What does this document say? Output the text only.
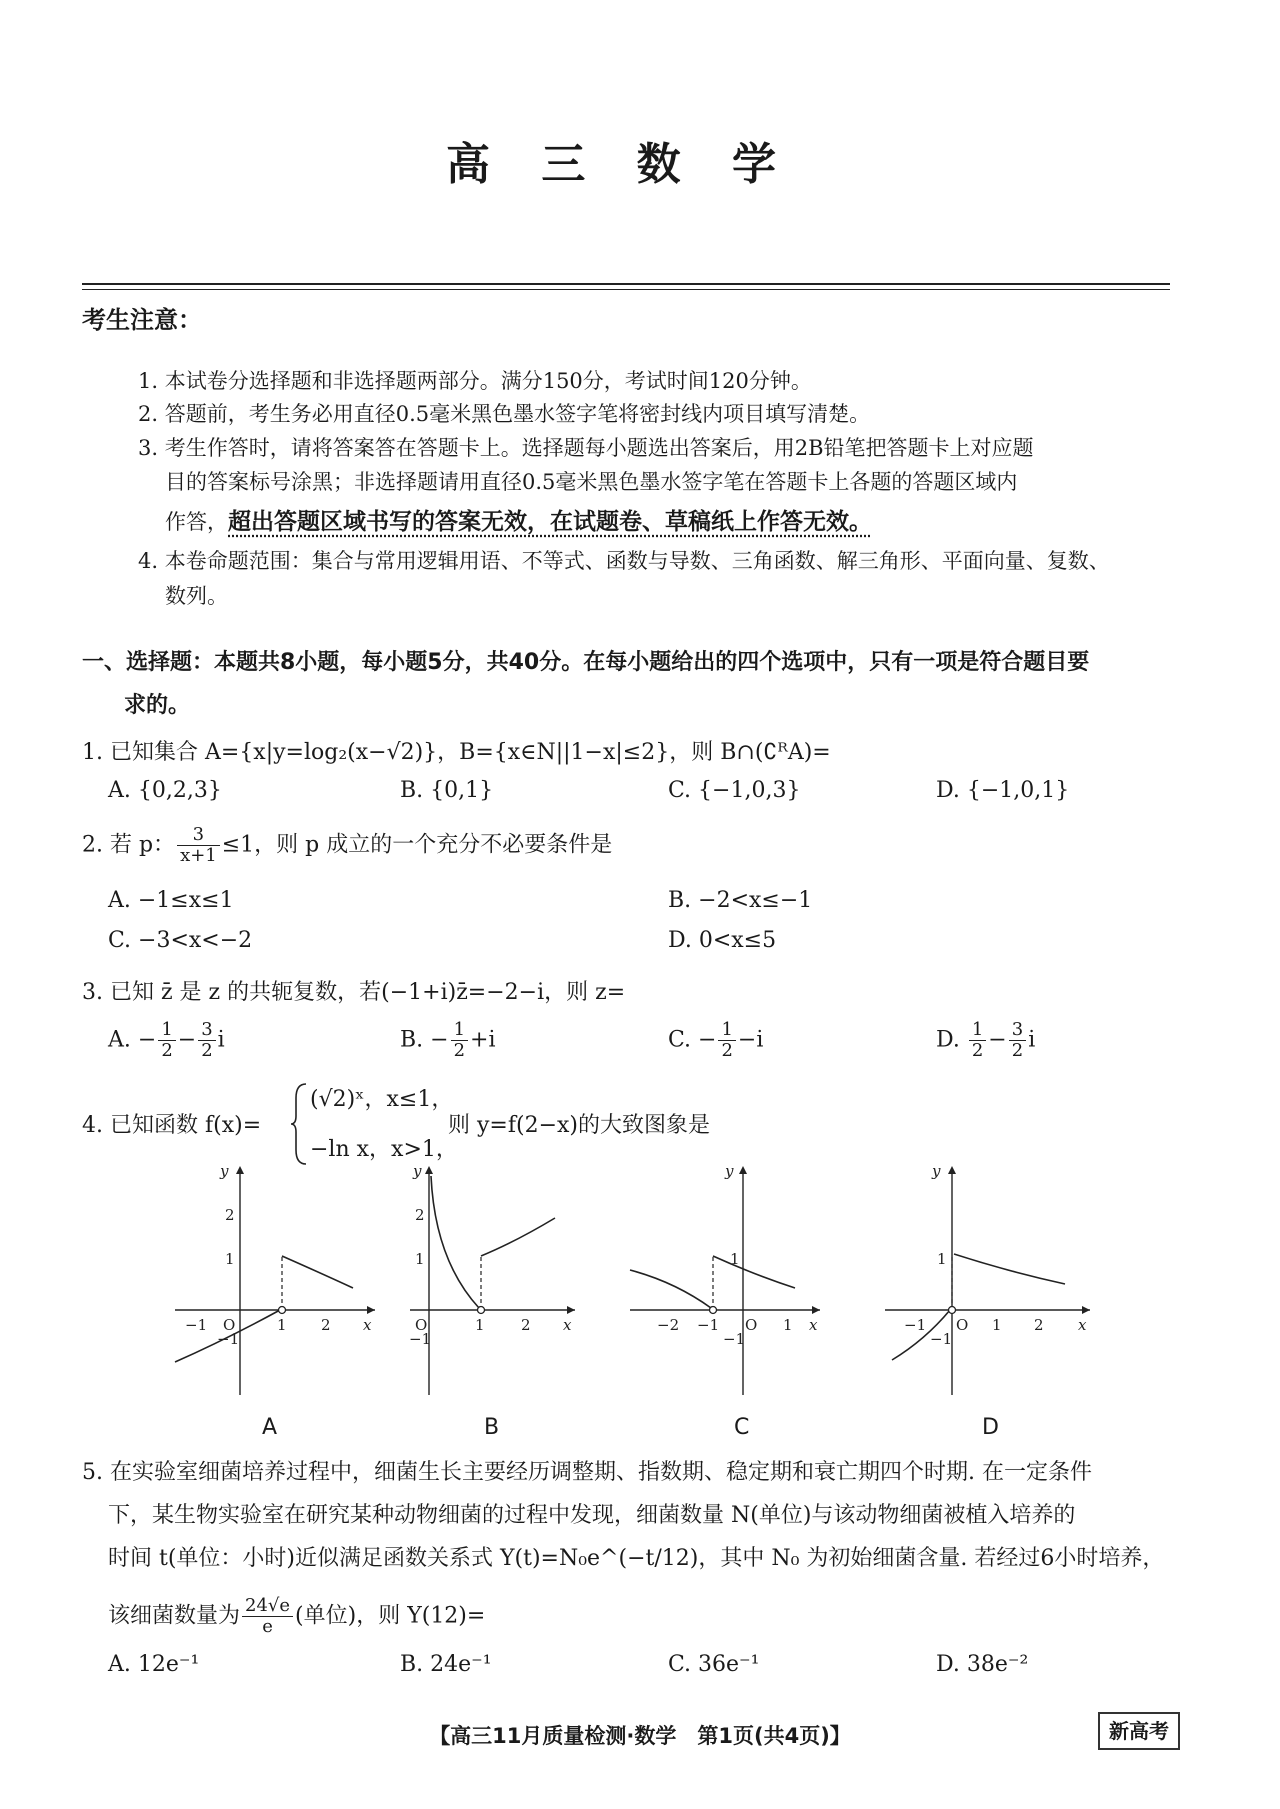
高 三 数 学
考生注意：
1. 本试卷分选择题和非选择题两部分。满分150分，考试时间120分钟。
2. 答题前，考生务必用直径0.5毫米黑色墨水签字笔将密封线内项目填写清楚。
3. 考生作答时，请将答案答在答题卡上。选择题每小题选出答案后，用2B铅笔把答题卡上对应题
目的答案标号涂黑；非选择题请用直径0.5毫米黑色墨水签字笔在答题卡上各题的答题区域内
作答，超出答题区域书写的答案无效，在试题卷、草稿纸上作答无效。
4. 本卷命题范围：集合与常用逻辑用语、不等式、函数与导数、三角函数、解三角形、平面向量、复数、
数列。
一、选择题：本题共8小题，每小题5分，共40分。在每小题给出的四个选项中，只有一项是符合题目要
求的。
1. 已知集合 A={x|y=log₂(x−√2)}，B={x∈N||1−x|≤2}，则 B∩(∁ᴿA)=
A. {0,2,3}	B. {0,1}	C. {−1,0,3}	D. {−1,0,1}
2. 若 p： $\frac{3}{x+1} \le 1$，则 p 成立的一个充分不必要条件是
A. −1≤x≤1	B. −2<x≤−1
C. −3<x<−2	D. 0<x≤5
3. 已知 z̄ 是 z 的共轭复数，若(−1+i)z̄=−2−i，则 z=
A. − $\frac{1}{2} - \frac{3}{2}$ i	B. − $\frac{1}{2} +i$	C. − $\frac{1}{2} -i$	D. $\frac{1}{2} - \frac{3}{2}$ i
4. 已知函数 f(x)=
(√2)ˣ，x≤1，
−ln x，x>1，
则 y=f(2−x)的大致图象是
y
x
O
−1	1 2
2
1
−1
y
x
O	1 2
2
1
−1
y
x
O
−2 −1	1
1
−1
y
x
O
−1	1 2
1
−1
A	B	C	D
5. 在实验室细菌培养过程中，细菌生长主要经历调整期、指数期、稳定期和衰亡期四个时期. 在一定条件
下，某生物实验室在研究某种动物细菌的过程中发现，细菌数量 N(单位)与该动物细菌被植入培养的
时间 t(单位：小时)近似满足函数关系式 Y(t)=N₀e^(−t/12)，其中 N₀ 为初始细菌含量. 若经过6小时培养，
该细菌数量为 $\frac{24√e}{e}$ (单位)，则 Y(12)=
A. 12e⁻¹	B. 24e⁻¹	C. 36e⁻¹	D. 38e⁻²
【高三11月质量检测·数学　第1页(共4页)】	新高考
